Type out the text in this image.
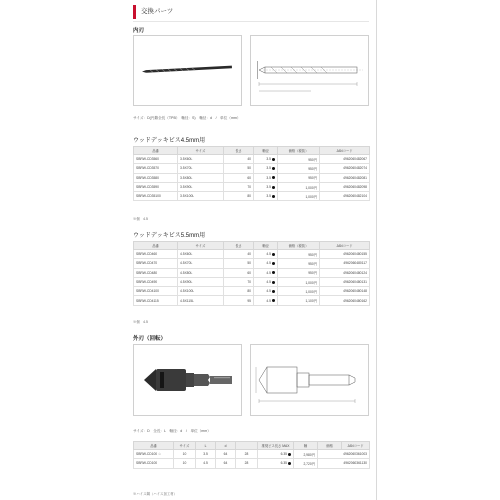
交換パーツ
内刃
サイズ：D(円錐全長（TPB）　軸径：S)　軸径：d　/　単位（mm）
ウッドデッキビス4.5mm用
品番	サイズ	長さ	軸径	価格（税抜）	JANコード
SBRW-CD3560	3.5X60L	40	3.5	950円	4962060482067
SBRW-CD3570	3.5X70L	50	3.5	950円	4962060482074
SBRW-CD3580	3.5X80L	60	3.5	950円	4962060482081
SBRW-CD3590	3.5X90L	70	3.5	1,000円	4962060482098
SBRW-CD35100	3.5X100L	80	3.5	1,000円	4962060482104
※個　4.5
ウッドデッキビス5.5mm用
品番	サイズ	長さ	軸径	価格（税抜）	JANコード
SBRW-CD460	4.5X60L	40	4.5	950円	4962060480155
SBRW-CD470	4.5X70L	50	4.5	950円	4962060480117
SBRW-CD480	4.5X80L	60	4.5	950円	4962060480124
SBRW-CD490	4.5X90L	70	4.5	1,000円	4962060480131
SBRW-CD4100	4.5X100L	80	4.5	1,000円	4962060480148
SBRW-CD4115	4.5X115L	95	4.5	1,100円	4962060480162
※個　4.5
外刃（回転）
サイズ：D　全長：L　軸径：d　/　単位（mm）
品番	サイズ	L	d		推奨ビス長さ MAX	軸	価格	JANコード
SBRW-CD100 ☆	10	3.5	64	28	6.35	2,980円	4962060361003	
SBRW-CD100	10	4.5	64	28	6.35	2,720円	4962060361130	
※ハイス鋼（ハイス加工材）
